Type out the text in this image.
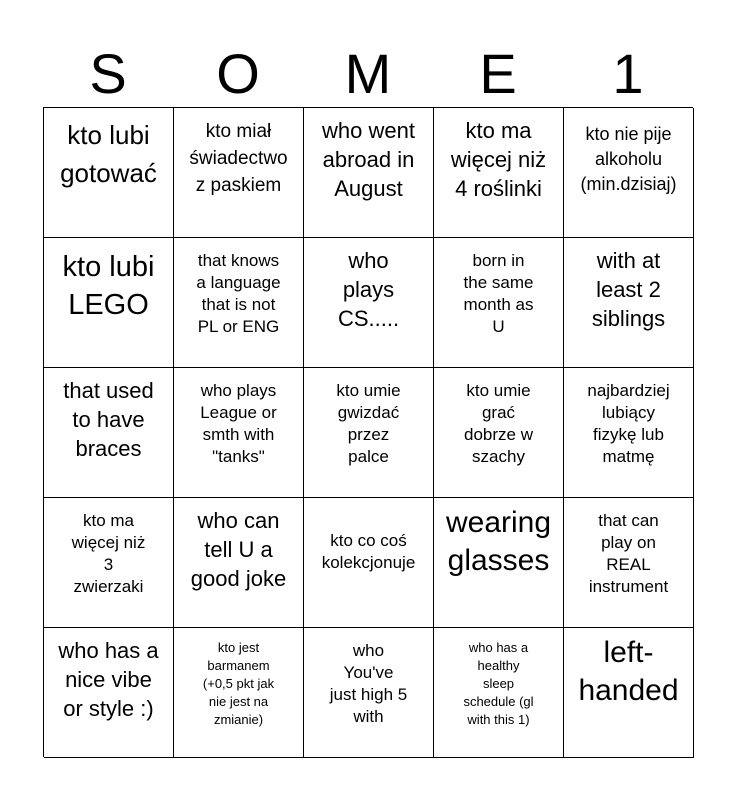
S	O	M	E	1
kto lubi
gotować
kto miał
świadectwo
z paskiem
who went
abroad in
August
kto ma
więcej niż
4 roślinki
kto nie pije
alkoholu
(min.dzisiaj)
kto lubi
LEGO
that knows
a language
that is not
PL or ENG
who
plays
CS.....
born in
the same
month as
U
with at
least 2
siblings
that used
to have
braces
who plays
League or
smth with
"tanks"
kto umie
gwizdać
przez
palce
kto umie
grać
dobrze w
szachy
najbardziej
lubiący
fizykę lub
matmę
kto ma
więcej niż
3
zwierzaki
who can
tell U a
good joke
kto co coś
kolekcjonuje
wearing
glasses
that can
play on
REAL
instrument
who has a
nice vibe
or style :)
kto jest
barmanem
(+0,5 pkt jak
nie jest na
zmianie)
who
You've
just high 5
with
who has a
healthy
sleep
schedule (gl
with this 1)
left-
handed
